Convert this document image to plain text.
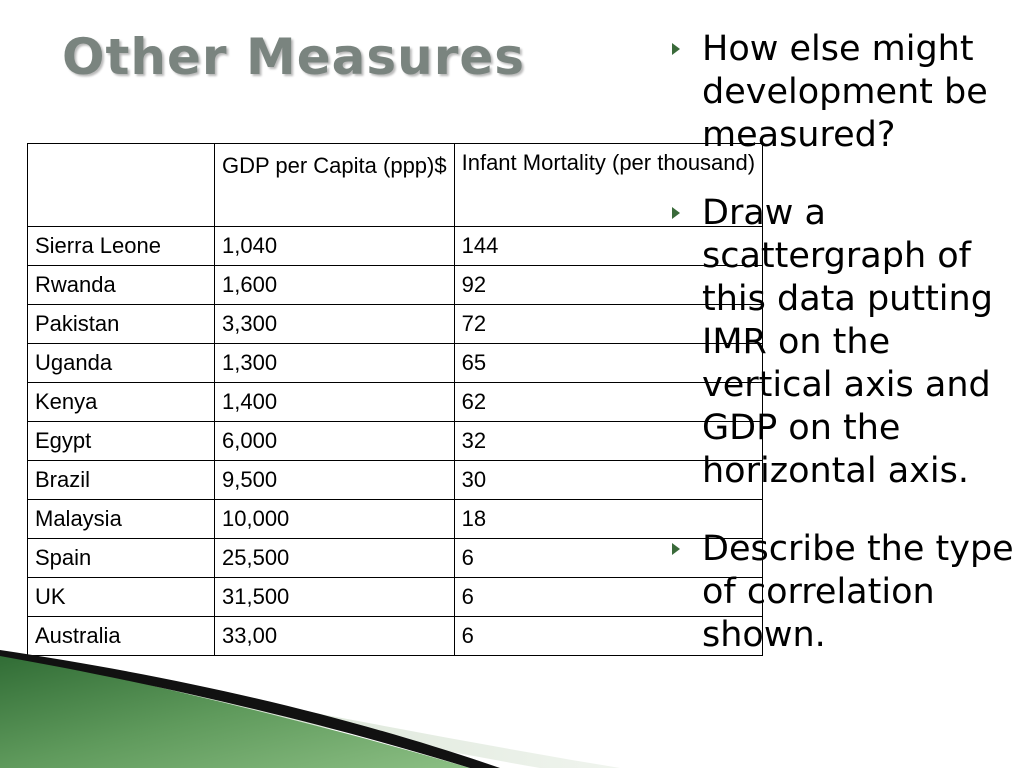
Other Measures
	GDP per Capita (ppp)$	Infant Mortality (per thousand)
Sierra Leone	1,040	144
Rwanda	1,600	92
Pakistan	3,300	72
Uganda	1,300	65
Kenya	1,400	62
Egypt	6,000	32
Brazil	9,500	30
Malaysia	10,000	18
Spain	25,500	6
UK	31,500	6
Australia	33,00	6
How else might development be measured?
Draw a scattergraph of this data putting IMR on the vertical axis and GDP on the horizontal axis.
Describe the type of correlation shown.
